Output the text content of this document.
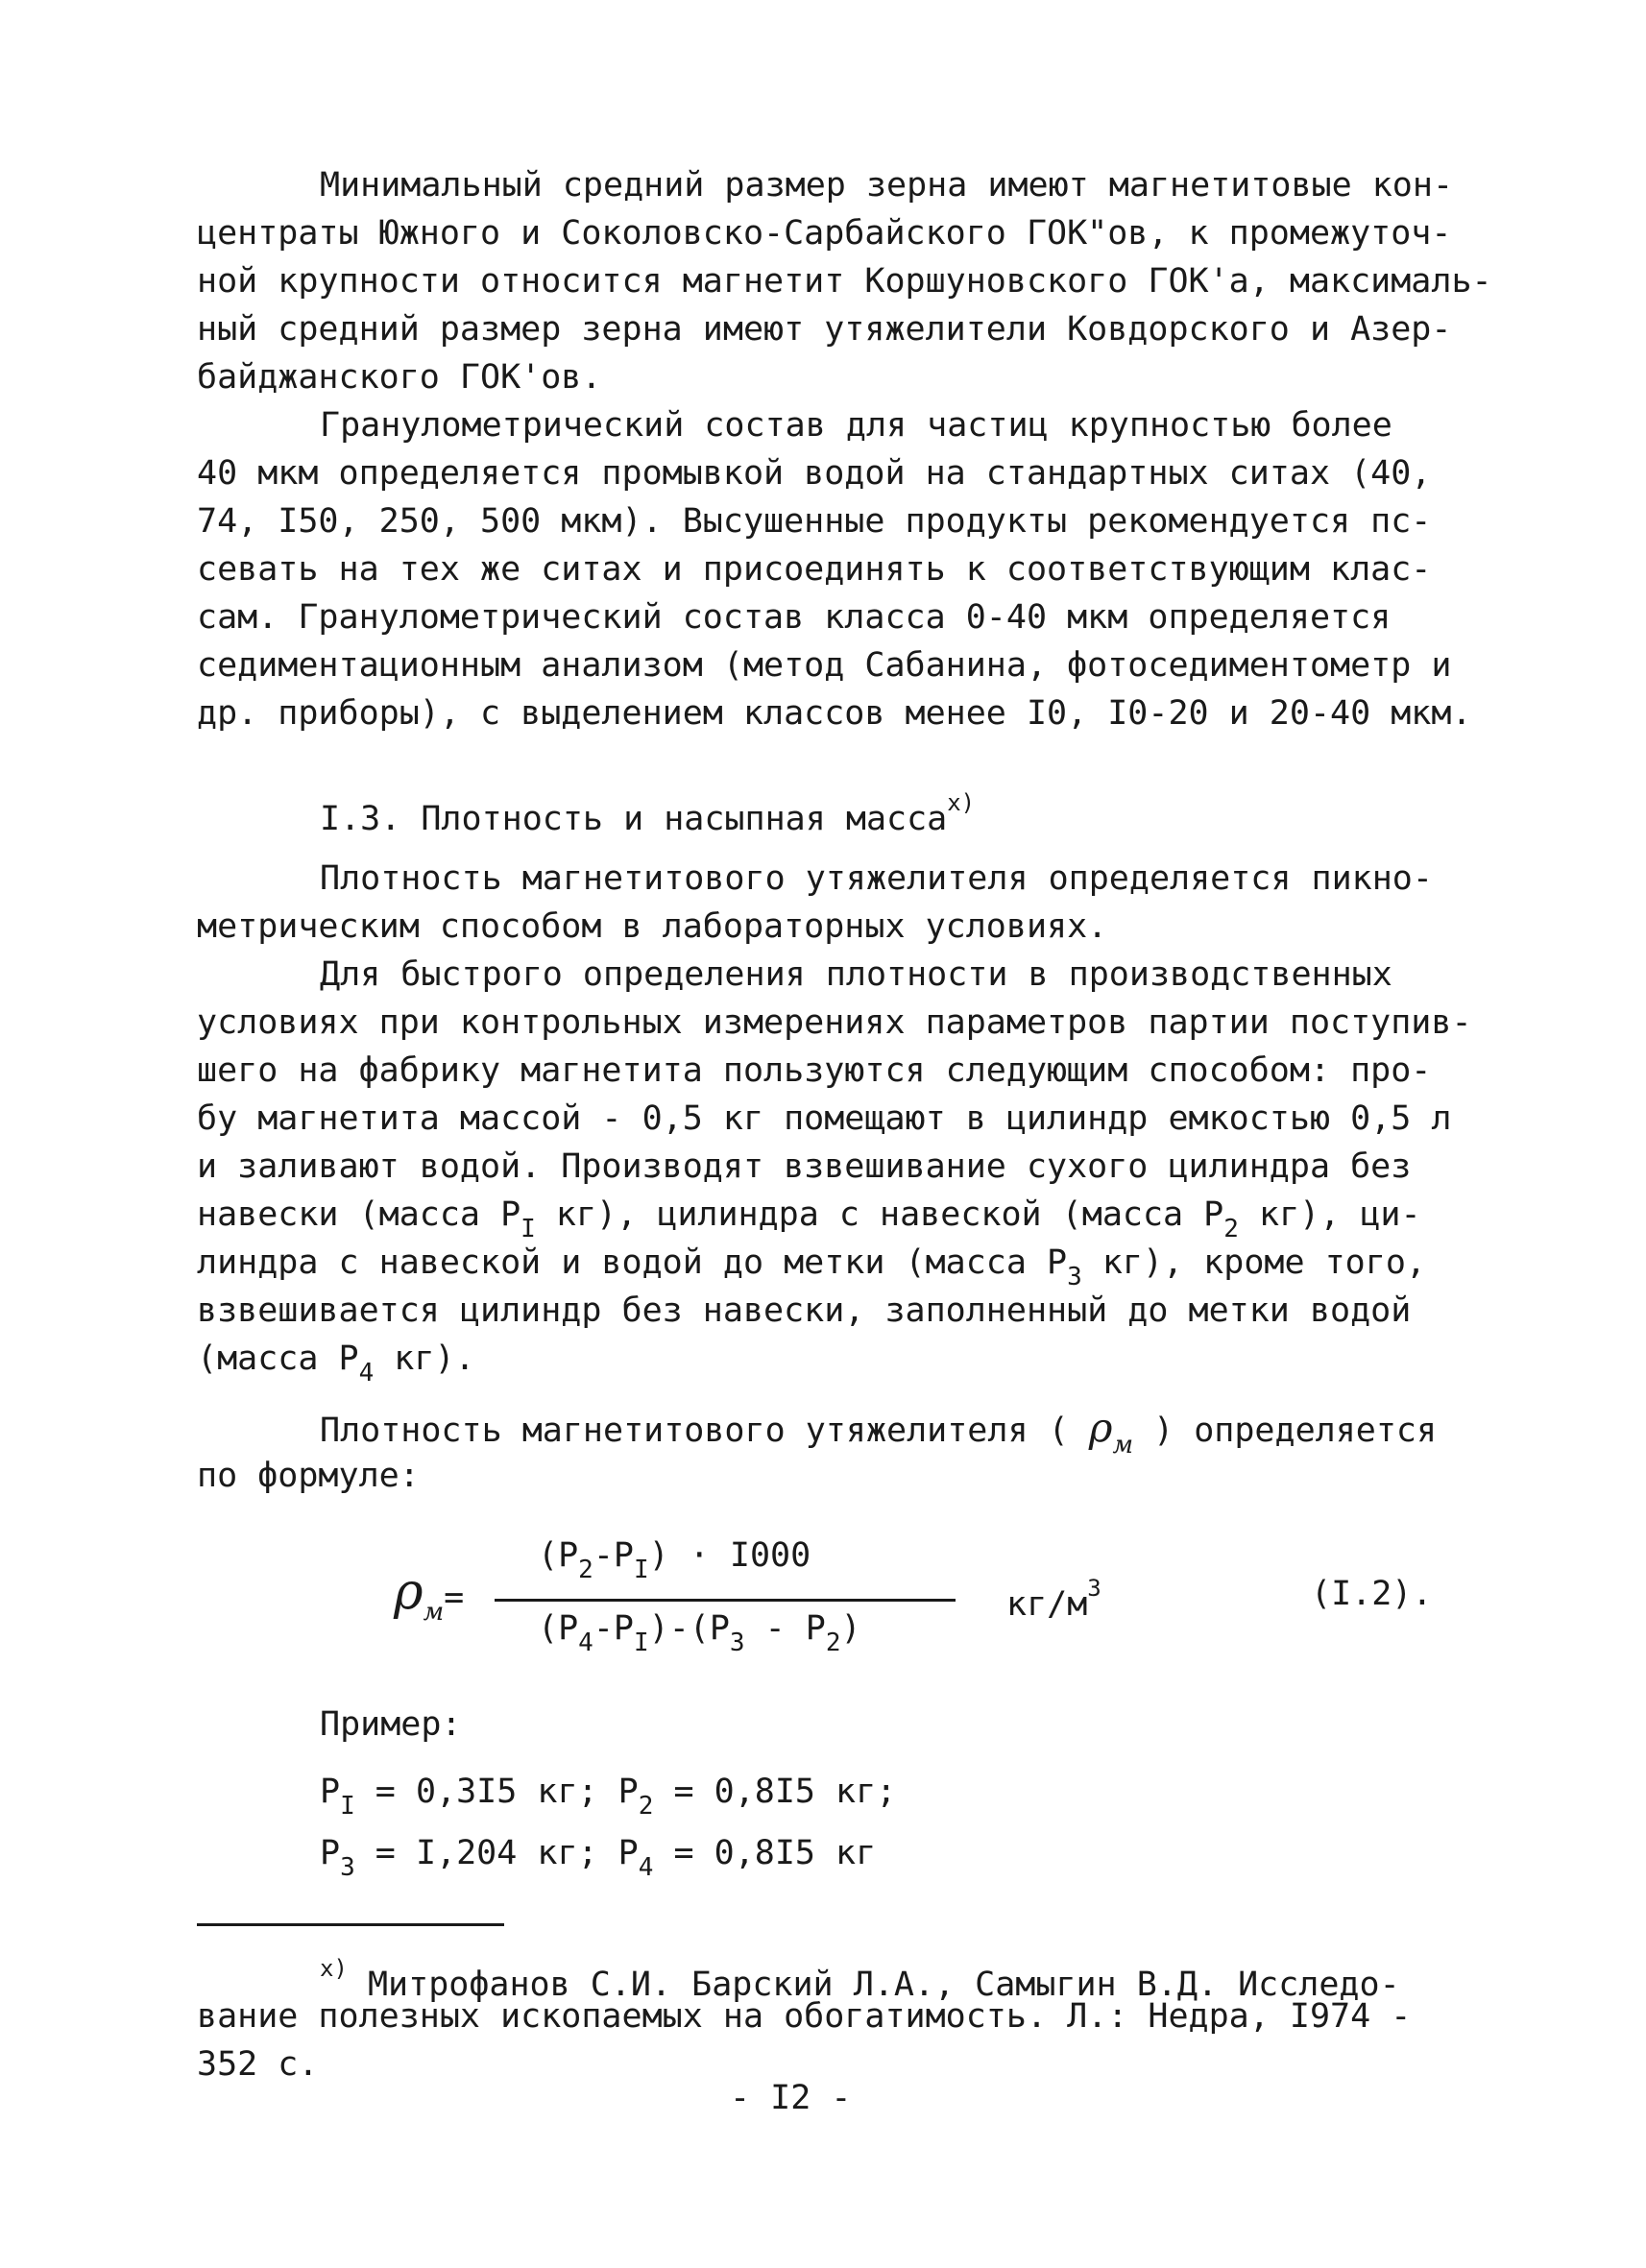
Минимальный средний размер зерна имеют магнетитовые кон-
центраты Южного и Соколовско-Сарбайского ГОК"ов, к промежуточ-
ной крупности относится магнетит Коршуновского ГОК'а, максималь-
ный средний размер зерна имеют утяжелители Ковдорского и Азер-
байджанского ГОК'ов.
Гранулометрический состав для частиц крупностью более
40 мкм определяется промывкой водой на стандартных ситах (40,
74, I50, 250, 500 мкм). Высушенные продукты рекомендуется пс-
севать на тех же ситах и присоединять к соответствующим клас-
сам. Гранулометрический состав класса 0-40 мкм определяется
седиментационным анализом (метод Сабанина, фотоседиментометр и
др. приборы), с выделением классов менее I0, I0-20 и 20-40 мкм.
I.3. Плотность и насыпная масса$^{x)}$
Плотность магнетитового утяжелителя определяется пикно-
метрическим способом в лабораторных условиях.
Для быстрого определения плотности в производственных
условиях при контрольных измерениях параметров партии поступив-
шего на фабрику магнетита пользуются следующим способом: про-
бу магнетита массой - 0,5 кг помещают в цилиндр емкостью 0,5 л
и заливают водой. Производят взвешивание сухого цилиндра без
навески (масса $P_I$ кг), цилиндра с навеской (масса $P_2$ кг), ци-
линдра с навеской и водой до метки (масса $P_3$ кг), кроме того,
взвешивается цилиндр без навески, заполненный до метки водой
(масса $P_4$ кг).
Плотность магнетитового утяжелителя ( $\rho_м$ ) определяется
по формуле:
$\rho_м=$
$(P_2-P_I) \cdot I000$
$(P_4-P_I)-(P_3 - P_2)$
$кг/м^3$	(I.2).
Пример:
$P_I = 0,3I5$ кг; $P_2 = 0,8I5$ кг;
$P_3 = I,204$ кг; $P_4 = 0,8I5$ кг
$^{x)}$ Митрофанов С.И. Барский Л.А., Самыгин В.Д. Исследо-
вание полезных ископаемых на обогатимость. Л.: Недра, I974 -
352 с.
- I2 -
